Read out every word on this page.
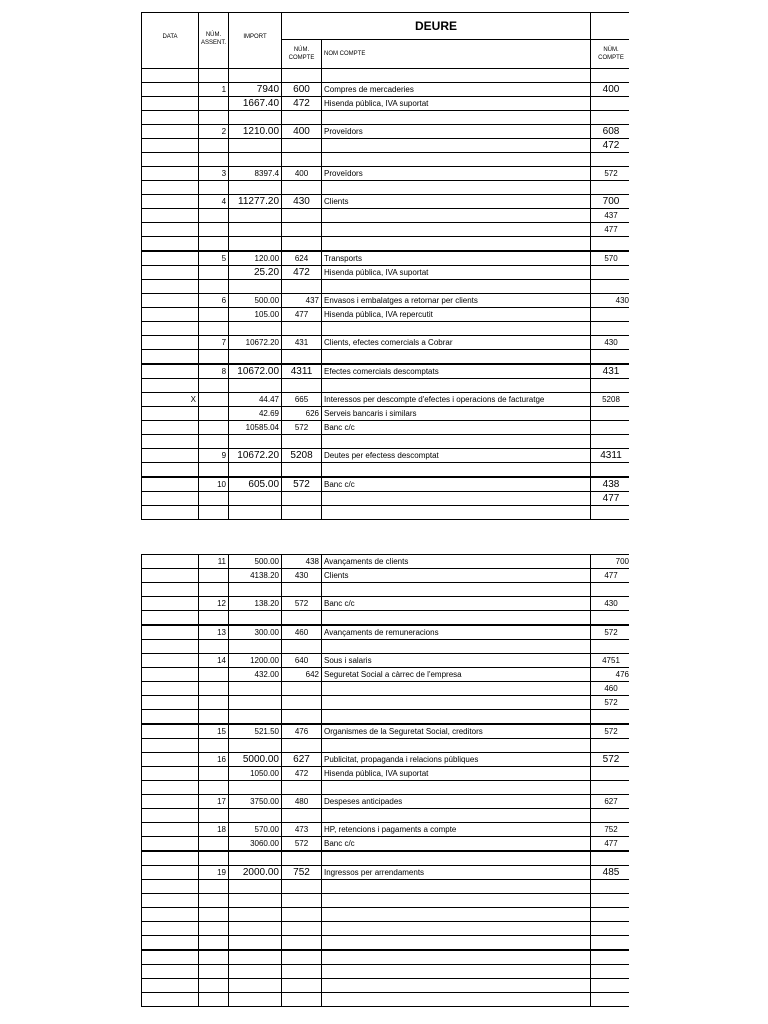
DATA	NÚM. ASSENT.	IMPORT	DEURE		
			NÚM. COMPTE	NOM COMPTE	NÚM. COMPTE

	1	7940	600	Compres de mercaderies	400
		1667.40	472	Hisenda pública, IVA suportat	

	2	1210.00	400	Proveïdors	608
					472

	3	8397.4	400	Proveïdors	572

	4	11277.20	430	Clients	700
					437
					477

	5	120.00	624	Transports	570
		25.20	472	Hisenda pública, IVA suportat	

	6	500.00	437	Envasos i embalatges a retornar per clients	430
		105.00	477	Hisenda pública, IVA repercutit	

	7	10672.20	431	Clients, efectes comercials a Cobrar	430

	8	10672.00	4311	Efectes comercials descomptats	431

X		44.47	665	Interessos per descompte d'efectes i operacions de facturatge	5208
		42.69	626	Serveis bancaris i similars	
		10585.04	572	Banc c/c	

	9	10672.20	5208	Deutes per efectess descomptat	4311

	10	605.00	572	Banc c/c	438
					477

	11	500.00	438	Avançaments de clients	700
		4138.20	430	Clients	477

	12	138.20	572	Banc c/c	430

	13	300.00	460	Avançaments de remuneracions	572

	14	1200.00	640	Sous i salaris	4751
		432.00	642	Seguretat Social a càrrec de l'empresa	476
					460
					572

	15	521.50	476	Organismes de la Seguretat Social, creditors	572

	16	5000.00	627	Publicitat, propaganda i relacions públiques	572
		1050.00	472	Hisenda pública, IVA suportat	

	17	3750.00	480	Despeses anticipades	627

	18	570.00	473	HP, retencions i pagaments a compte	752
		3060.00	572	Banc c/c	477

	19	2000.00	752	Ingressos per arrendaments	485
